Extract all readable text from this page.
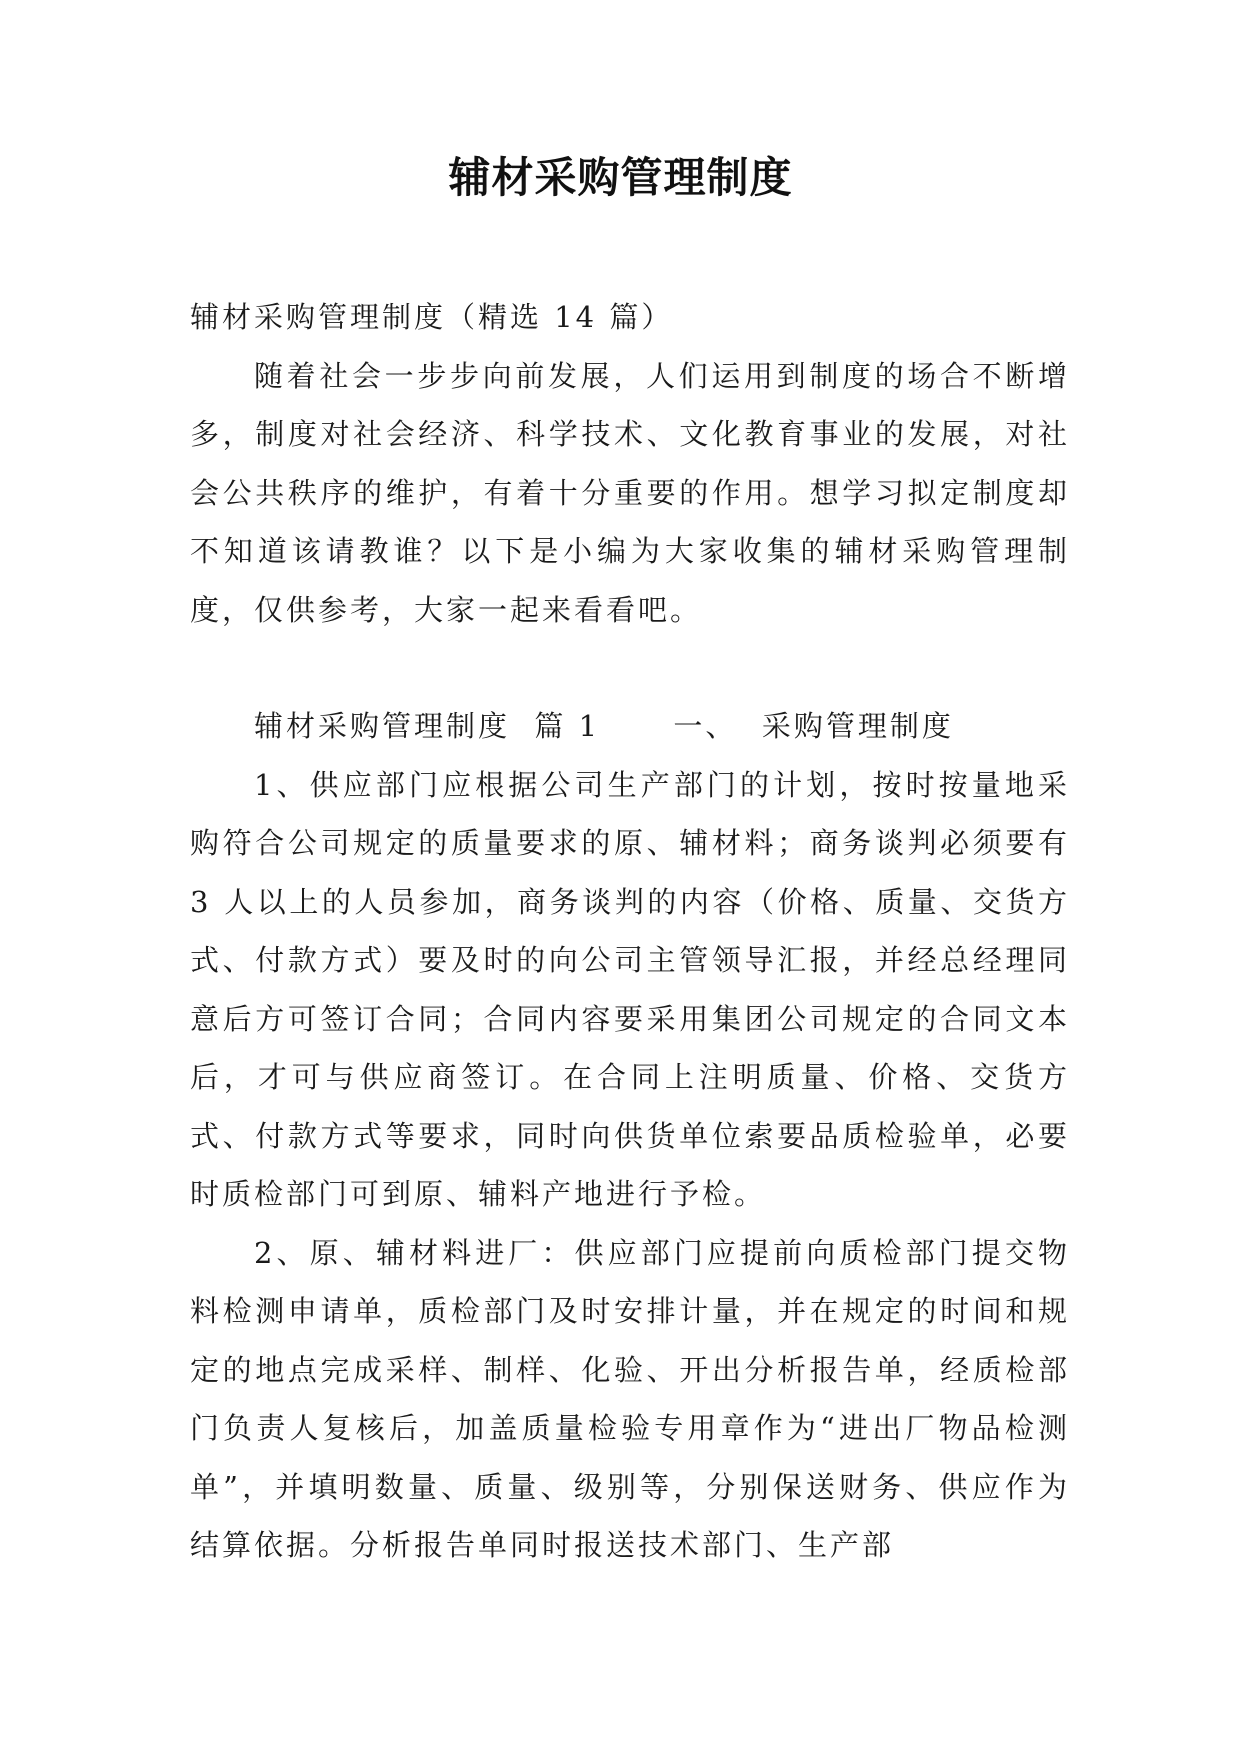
辅材采购管理制度

辅材采购管理制度（精选 14 篇）

随着社会一步步向前发展，人们运用到制度的场合不断增多，制度对社会经济、科学技术、文化教育事业的发展，对社会公共秩序的维护，有着十分重要的作用。想学习拟定制度却不知道该请教谁？以下是小编为大家收集的辅材采购管理制度，仅供参考，大家一起来看看吧。

辅材采购管理制度  篇 1      一、  采购管理制度

1、供应部门应根据公司生产部门的计划，按时按量地采购符合公司规定的质量要求的原、辅材料；商务谈判必须要有 3 人以上的人员参加，商务谈判的内容（价格、质量、交货方式、付款方式）要及时的向公司主管领导汇报，并经总经理同意后方可签订合同；合同内容要采用集团公司规定的合同文本后，才可与供应商签订。在合同上注明质量、价格、交货方式、付款方式等要求，同时向供货单位索要品质检验单，必要时质检部门可到原、辅料产地进行予检。

2、原、辅材料进厂：供应部门应提前向质检部门提交物料检测申请单，质检部门及时安排计量，并在规定的时间和规定的地点完成采样、制样、化验、开出分析报告单，经质检部门负责人复核后，加盖质量检验专用章作为“进出厂物品检测单”，并填明数量、质量、级别等，分别保送财务、供应作为结算依据。分析报告单同时报送技术部门、生产部
